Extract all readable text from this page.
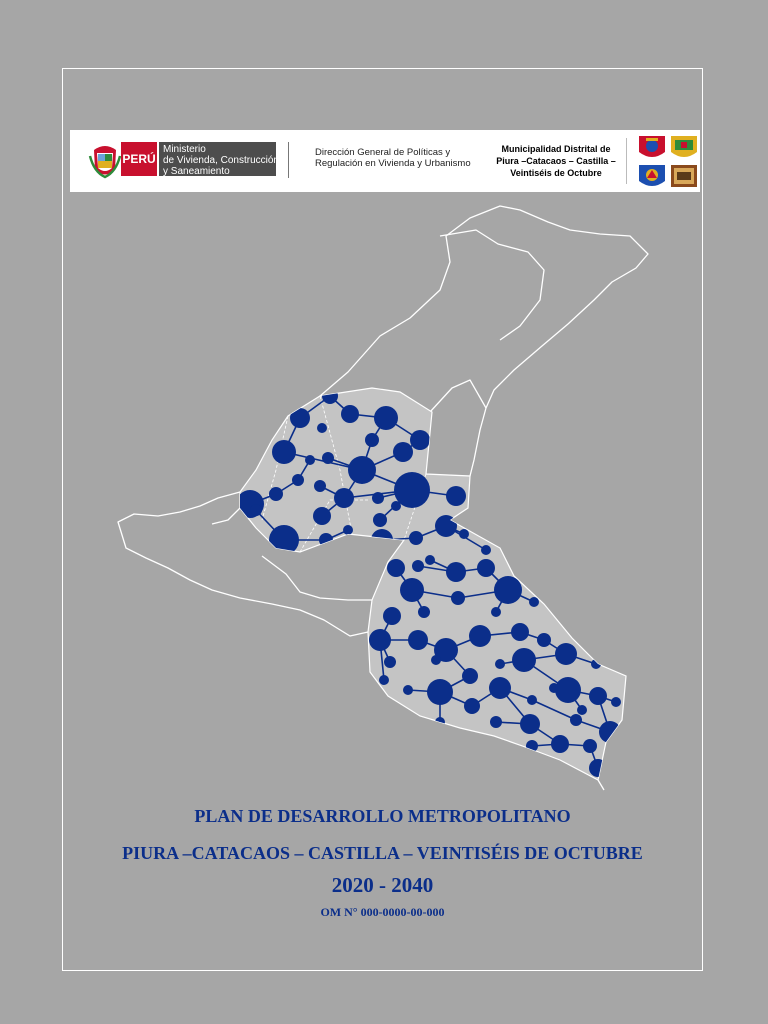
PERÚ
Ministerio
de Vivienda, Construcción
y Saneamiento
Dirección General de Políticas y
Regulación en Vivienda y Urbanismo
Municipalidad Distrital de
Piura –Catacaos – Castilla –
Veintiséis de Octubre
PLAN DE DESARROLLO METROPOLITANO
PIURA –CATACAOS – CASTILLA – VEINTISÉIS DE OCTUBRE
2020 - 2040
OM N° 000-0000-00-000
